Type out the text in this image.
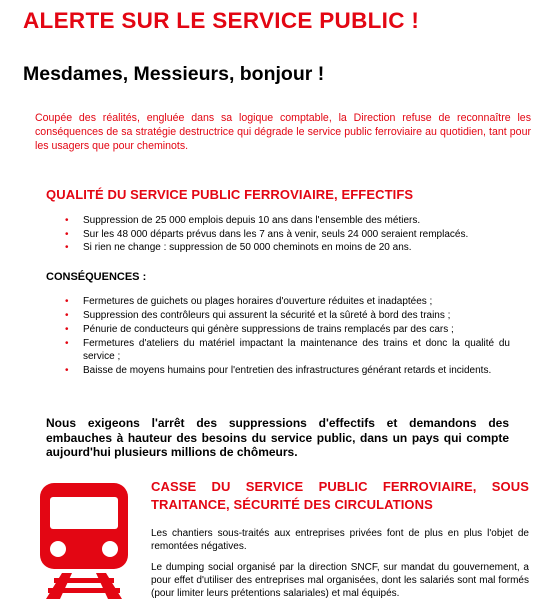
ALERTE SUR LE SERVICE PUBLIC !
Mesdames, Messieurs, bonjour !

Coupée des réalités, engluée dans sa logique comptable, la Direction refuse de reconnaître les conséquences de sa stratégie destructrice qui dégrade le service public ferroviaire au quotidien, tant pour les usagers que pour cheminots.

QUALITÉ DU SERVICE PUBLIC FERROVIAIRE, EFFECTIFS
• Suppression de 25 000 emplois depuis 10 ans dans l'ensemble des métiers.
• Sur les 48 000 départs prévus dans les 7 ans à venir, seuls 24 000 seraient remplacés.
• Si rien ne change : suppression de 50 000 cheminots en moins de 20 ans.
CONSÉQUENCES :
• Fermetures de guichets ou plages horaires d'ouverture réduites et inadaptées ;
• Suppression des contrôleurs qui assurent la sécurité et la sûreté à bord des trains ;
• Pénurie de conducteurs qui génère suppressions de trains remplacés par des cars ;
• Fermetures d'ateliers du matériel impactant la maintenance des trains et donc la qualité du service ;
• Baisse de moyens humains pour l'entretien des infrastructures générant retards et incidents.

Nous exigeons l'arrêt des suppressions d'effectifs et demandons des embauches à hauteur des besoins du service public, dans un pays qui compte aujourd'hui plusieurs millions de chômeurs.

CASSE DU SERVICE PUBLIC FERROVIAIRE, SOUS TRAITANCE, SÉCURITÉ DES CIRCULATIONS

Les chantiers sous-traités aux entreprises privées font de plus en plus l'objet de remontées négatives.

Le dumping social organisé par la direction SNCF, sur mandat du gouvernement, a pour effet d'utiliser des entreprises mal organisées, dont les salariés sont mal formés (pour limiter leurs prétentions salariales) et mal équipés.
